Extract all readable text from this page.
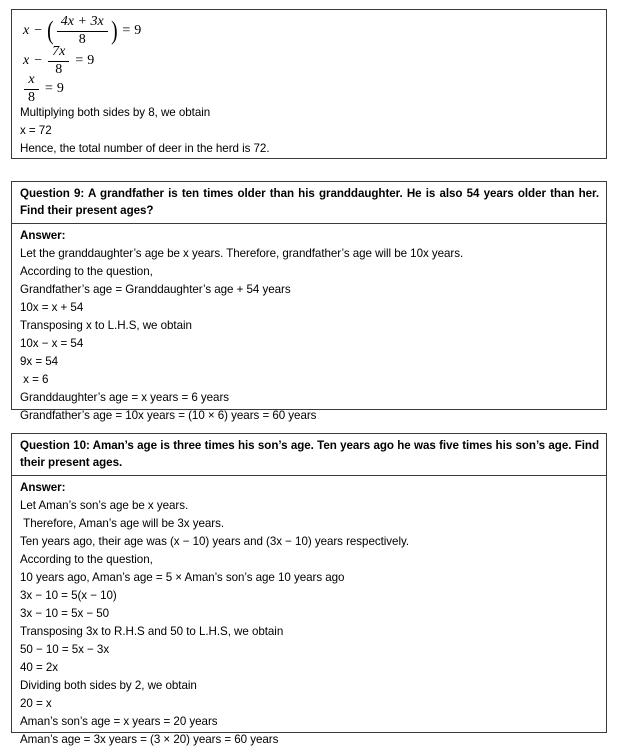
x − ( $\frac{4x + 3x}{8}$ ) = 9
$x - \frac{7x}{8} = 9$
$\frac{x}{8} = 9$
Multiplying both sides by 8, we obtain
x = 72
Hence, the total number of deer in the herd is 72.
Question 9: A grandfather is ten times older than his granddaughter. He is also 54 years older than her. Find their present ages?
Answer:
Let the granddaughter’s age be x years. Therefore, grandfather’s age will be 10x years.
According to the question,
Grandfather’s age = Granddaughter’s age + 54 years
10x = x + 54
Transposing x to L.H.S, we obtain
10x − x = 54
9x = 54
x = 6
Granddaughter’s age = x years = 6 years
Grandfather’s age = 10x years = (10 × 6) years = 60 years
Question 10: Aman’s age is three times his son’s age. Ten years ago he was five times his son’s age. Find their present ages.
Answer:
Let Aman’s son’s age be x years.
Therefore, Aman’s age will be 3x years.
Ten years ago, their age was (x − 10) years and (3x − 10) years respectively.
According to the question,
10 years ago, Aman’s age = 5 × Aman’s son’s age 10 years ago
3x − 10 = 5(x − 10)
3x − 10 = 5x − 50
Transposing 3x to R.H.S and 50 to L.H.S, we obtain
50 − 10 = 5x − 3x
40 = 2x
Dividing both sides by 2, we obtain
20 = x
Aman’s son’s age = x years = 20 years
Aman’s age = 3x years = (3 × 20) years = 60 years
